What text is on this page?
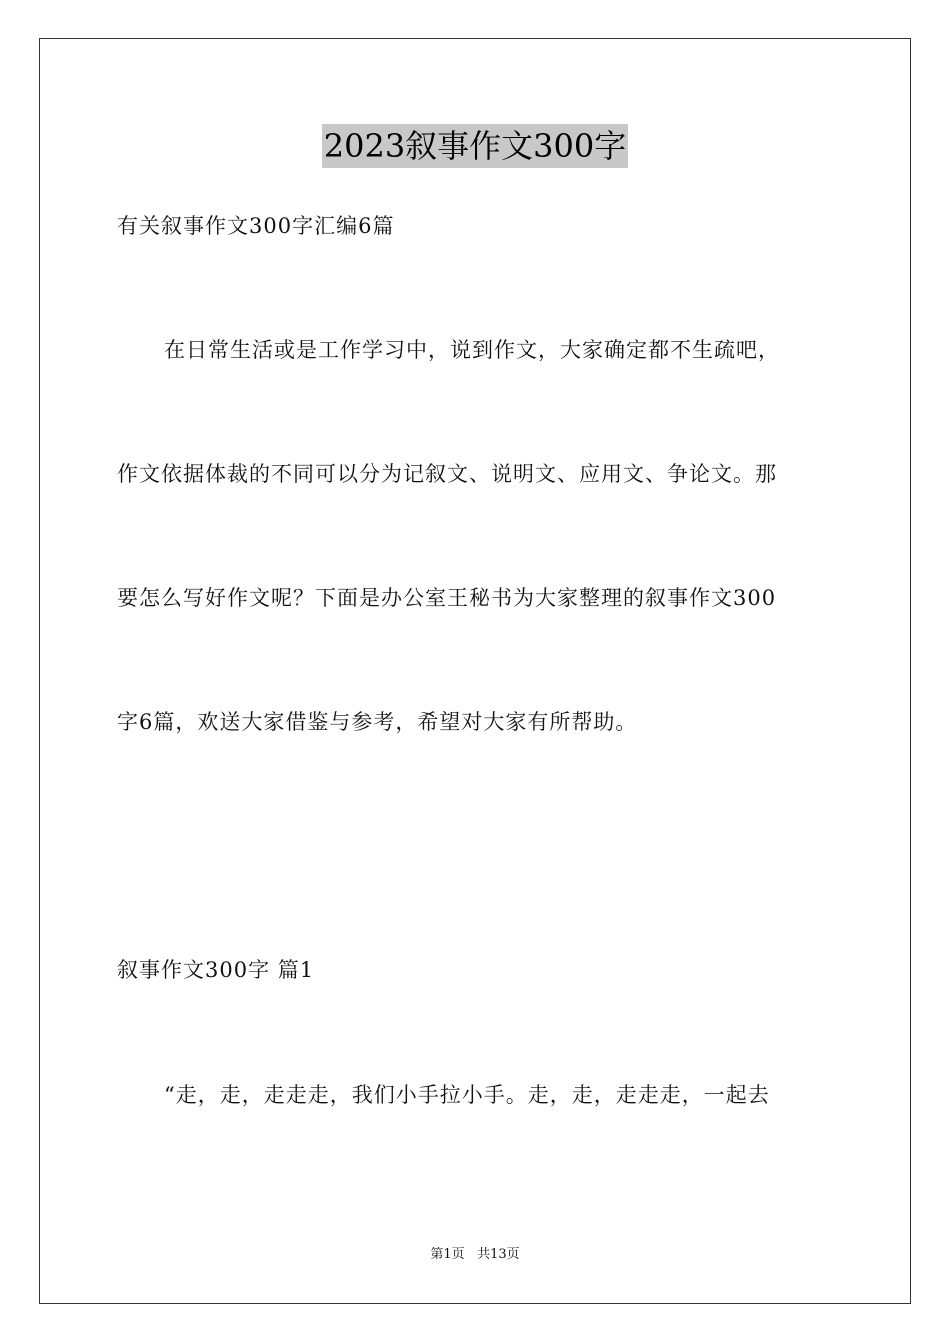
2023叙事作文300字
有关叙事作文300字汇编6篇
在日常生活或是工作学习中，说到作文，大家确定都不生疏吧，
作文依据体裁的不同可以分为记叙文、说明文、应用文、争论文。那
要怎么写好作文呢？下面是办公室王秘书为大家整理的叙事作文300
字6篇，欢送大家借鉴与参考，希望对大家有所帮助。
叙事作文300字 篇1
“走，走，走走走，我们小手拉小手。走，走，走走走，一起去
第1页 共13页
